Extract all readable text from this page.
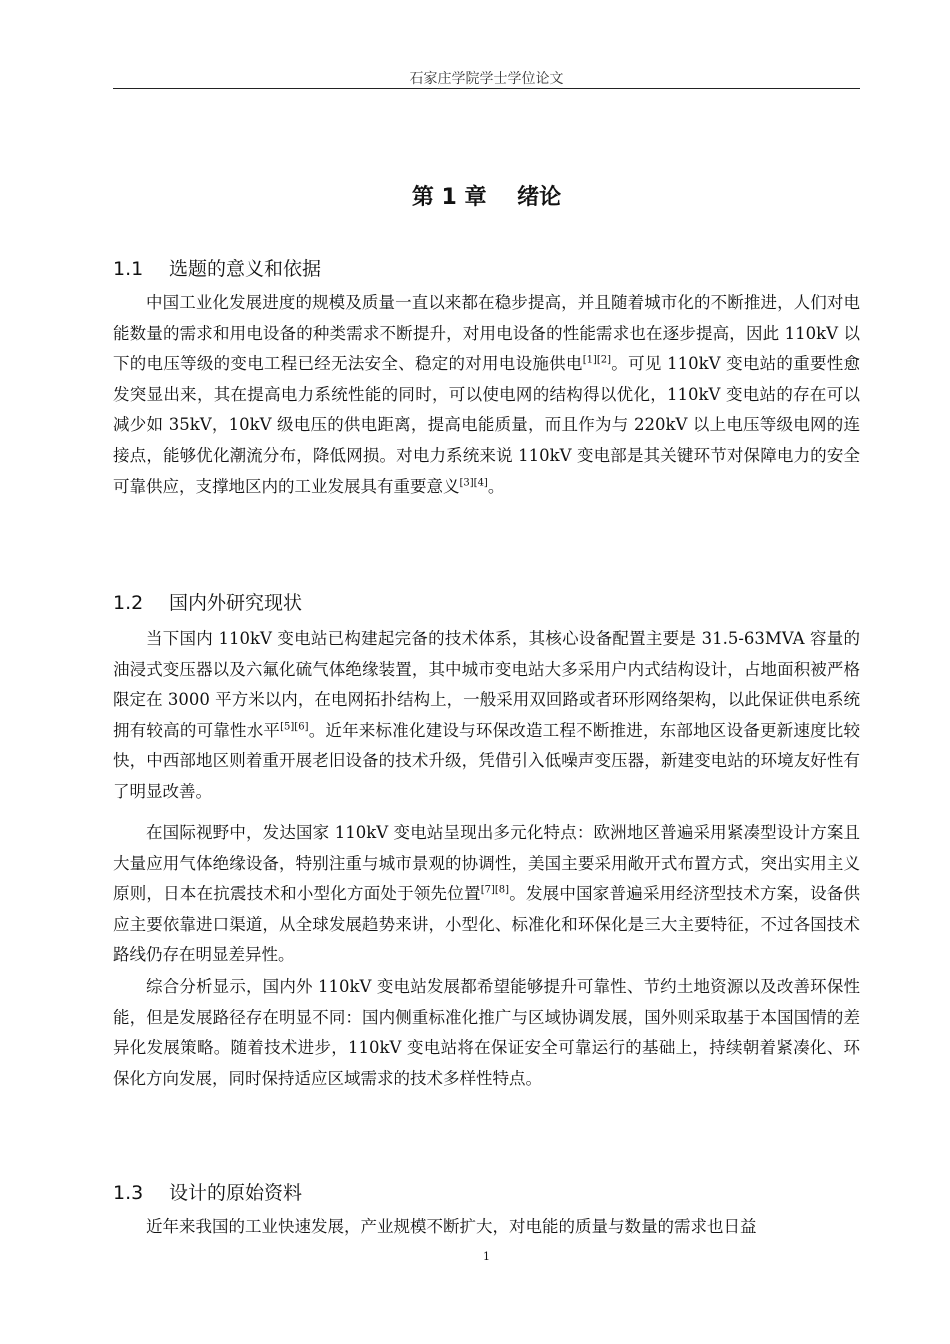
石家庄学院学士学位论文
第 1 章    绪论
1.1 选题的意义和依据

中国工业化发展进度的规模及质量一直以来都在稳步提高，并且随着城市化的不断推进，人们对电能数量的需求和用电设备的种类需求不断提升，对用电设备的性能需求也在逐步提高，因此 110kV 以下的电压等级的变电工程已经无法安全、稳定的对用电设施供电[1][2]。可见 110kV 变电站的重要性愈发突显出来，其在提高电力系统性能的同时，可以使电网的结构得以优化，110kV 变电站的存在可以减少如 35kV，10kV 级电压的供电距离，提高电能质量，而且作为与 220kV 以上电压等级电网的连接点，能够优化潮流分布，降低网损。对电力系统来说 110kV 变电部是其关键环节对保障电力的安全可靠供应，支撑地区内的工业发展具有重要意义[3][4]。

1.2 国内外研究现状

当下国内 110kV 变电站已构建起完备的技术体系，其核心设备配置主要是 31.5-63MVA 容量的油浸式变压器以及六氟化硫气体绝缘装置，其中城市变电站大多采用户内式结构设计，占地面积被严格限定在 3000 平方米以内，在电网拓扑结构上，一般采用双回路或者环形网络架构，以此保证供电系统拥有较高的可靠性水平[5][6]。近年来标准化建设与环保改造工程不断推进，东部地区设备更新速度比较快，中西部地区则着重开展老旧设备的技术升级，凭借引入低噪声变压器，新建变电站的环境友好性有了明显改善。

在国际视野中，发达国家 110kV 变电站呈现出多元化特点：欧洲地区普遍采用紧凑型设计方案且大量应用气体绝缘设备，特别注重与城市景观的协调性，美国主要采用敞开式布置方式，突出实用主义原则，日本在抗震技术和小型化方面处于领先位置[7][8]。发展中国家普遍采用经济型技术方案，设备供应主要依靠进口渠道，从全球发展趋势来讲，小型化、标准化和环保化是三大主要特征，不过各国技术路线仍存在明显差异性。

综合分析显示，国内外 110kV 变电站发展都希望能够提升可靠性、节约土地资源以及改善环保性能，但是发展路径存在明显不同：国内侧重标准化推广与区域协调发展，国外则采取基于本国国情的差异化发展策略。随着技术进步，110kV 变电站将在保证安全可靠运行的基础上，持续朝着紧凑化、环保化方向发展，同时保持适应区域需求的技术多样性特点。

1.3 设计的原始资料

近年来我国的工业快速发展，产业规模不断扩大，对电能的质量与数量的需求也日益

1
